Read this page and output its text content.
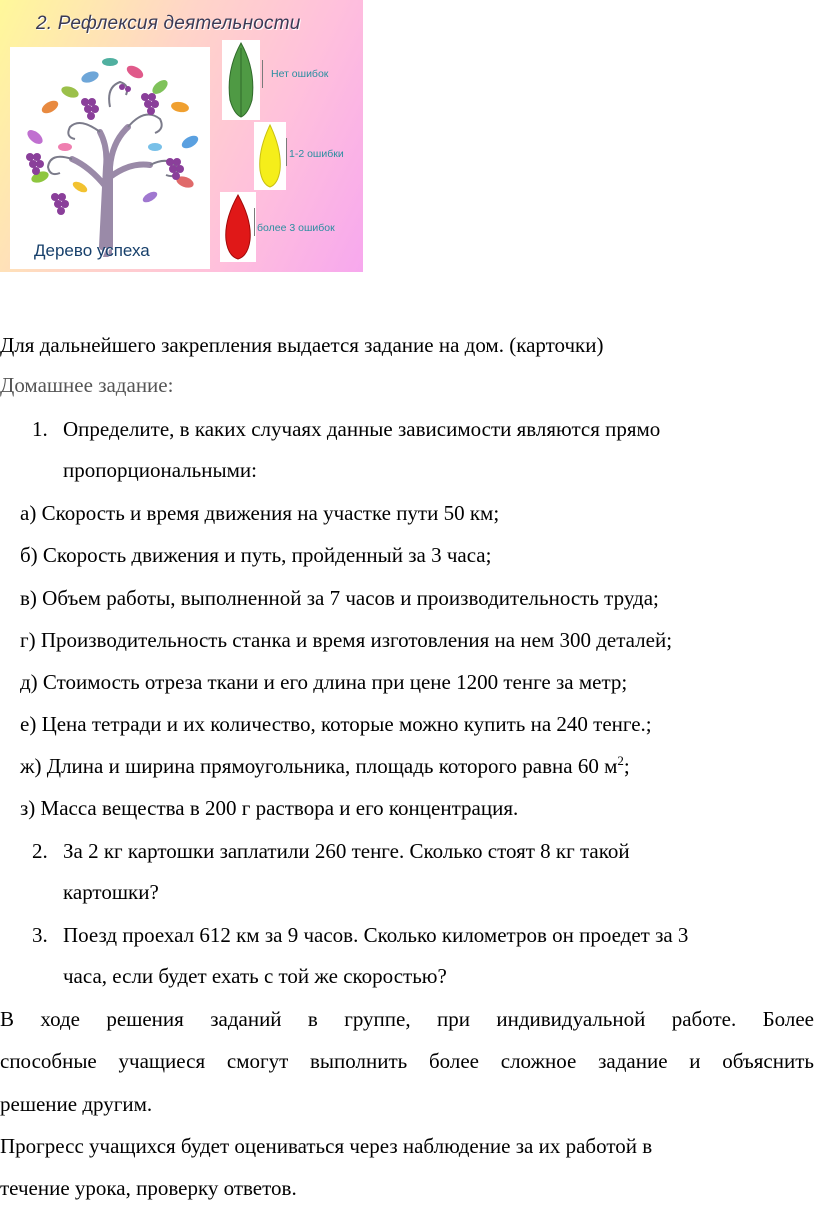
2. Рефлексия деятельности
Нет ошибок
1-2 ошибки
более 3 ошибок
Дерево успеха
Для дальнейшего закрепления выдается задание на дом. (карточки)
Домашнее задание:
1. Определите, в каких случаях данные зависимости являются прямо
пропорциональными:
а) Скорость и время движения на участке пути 50 км;
б) Скорость движения и путь, пройденный за 3 часа;
в) Объем работы, выполненной за 7 часов и производительность труда;
г) Производительность станка и время изготовления на нем 300 деталей;
д) Стоимость отреза ткани и его длина при цене 1200 тенге за метр;
е) Цена тетради и их количество, которые можно купить на 240 тенге.;
ж) Длина и ширина прямоугольника, площадь которого равна 60 $м^2$;
з) Масса вещества в 200 г раствора и его концентрация.
2. За 2 кг картошки заплатили 260 тенге. Сколько стоят 8 кг такой
картошки?
3. Поезд проехал 612 км за 9 часов. Сколько километров он проедет за 3
часа, если будет ехать с той же скоростью?
В ходе решения заданий в группе, при индивидуальной работе. Более
способные учащиеся смогут выполнить более сложное задание и объяснить
решение другим.
Прогресс учащихся будет оцениваться через наблюдение за их работой в
течение урока, проверку ответов.
